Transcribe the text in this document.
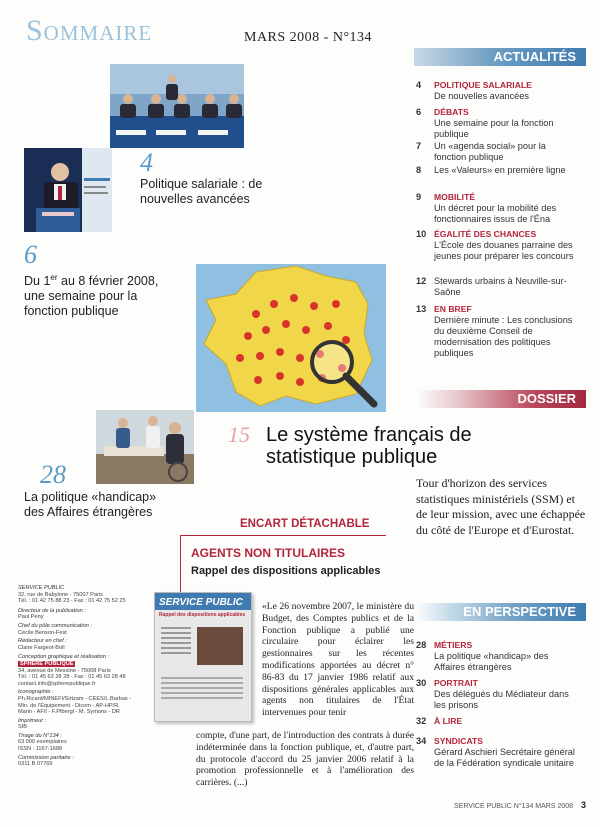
Sommaire	MARS 2008 - N°134
ACTUALITÉS
4	POLITIQUE SALARIALE
De nouvelles avancées
6	DÉBATS
Une semaine pour la fonction publique
7	Un «agenda social» pour la fonction publique
8	Les «Valeurs» en première ligne
9	MOBILITÉ
Un décret pour la mobilité des fonctionnaires issus de l'Éna
10 ÉGALITÉ DES CHANCES
L'École des douanes parraine des jeunes pour préparer les concours
12 Stewards urbains à Neuville-sur-Saône
13 EN BREF
Dernière minute : Les conclusions du deuxième Conseil de modernisation des politiques publiques
4
Politique salariale : de nouvelles avancées
6
Du 1er au 8 février 2008,
une semaine pour la fonction publique
DOSSIER
28
La politique «handicap» des Affaires étrangères
15 Le système français de statistique publique
Tour d'horizon des services statistiques ministériels (SSM) et de leur mission, avec une échappée du côté de l'Europe et d'Eurostat.
ENCART DÉTACHABLE
AGENTS NON TITULAIRES
Rappel des dispositions applicables
SERVICE PUBLIC
Rappel des dispositions applicables
«Le 26 novembre 2007, le ministère du Budget, des Comptes publics et de la Fonction publique a publié une circulaire pour éclairer les gestionnaires sur les récentes modifications apportées au décret n° 86-83 du 17 janvier 1986 relatif aux dispositions générales applicables aux agents non titulaires de l'État intervenues pour tenir
compte, d'une part, de l'introduction des contrats à durée indéterminée dans la fonction publique, et, d'autre part, du protocole d'accord du 25 janvier 2006 relatif à la promotion professionnelle et à l'amélioration des carrières. (...)
EN PERSPECTIVE
28 MÉTIERS
La politique «handicap» des Affaires étrangères
30 PORTRAIT
Des délégués du Médiateur dans les prisons
32 À LIRE
34 SYNDICATS
Gérard Aschieri Secrétaire général de la Fédération syndicale unitaire
SERVICE PUBLIC
32, rue de Babylone - 75007 Paris
Tél. : 01 42 75 88 23 - Fax : 01 42 75 52 25
Directeur de la publication :
Paul Peny
Chef du pôle communication :
Cécile Benson-Fest
Rédacteur en chef :
Claire Fargeot-Boll
Conception graphique et réalisation :
SPHERE PUBLIQUE
34, avenue de Messine - 75008 Paris
Tél. : 01 45 63 28 28 - Fax : 01 45 63 28 48
contact.info@spherepublique.fr
Iconographie :
Ph.Ricard/MINEFI/Sirtzam - CEES/L.Barbas - Min. de l'Équipement - Dicom - AP-HP/R. Marin - AFII - F.Pfbergl - M. Symons - DR
Imprimeur :
SIB
Tirage du N°134 :
63 000 exemplaires
ISSN : 1167-1688
Commission paritaire :
0311 B 07769
SERVICE PUBLIC N°134 MARS 2008 3
